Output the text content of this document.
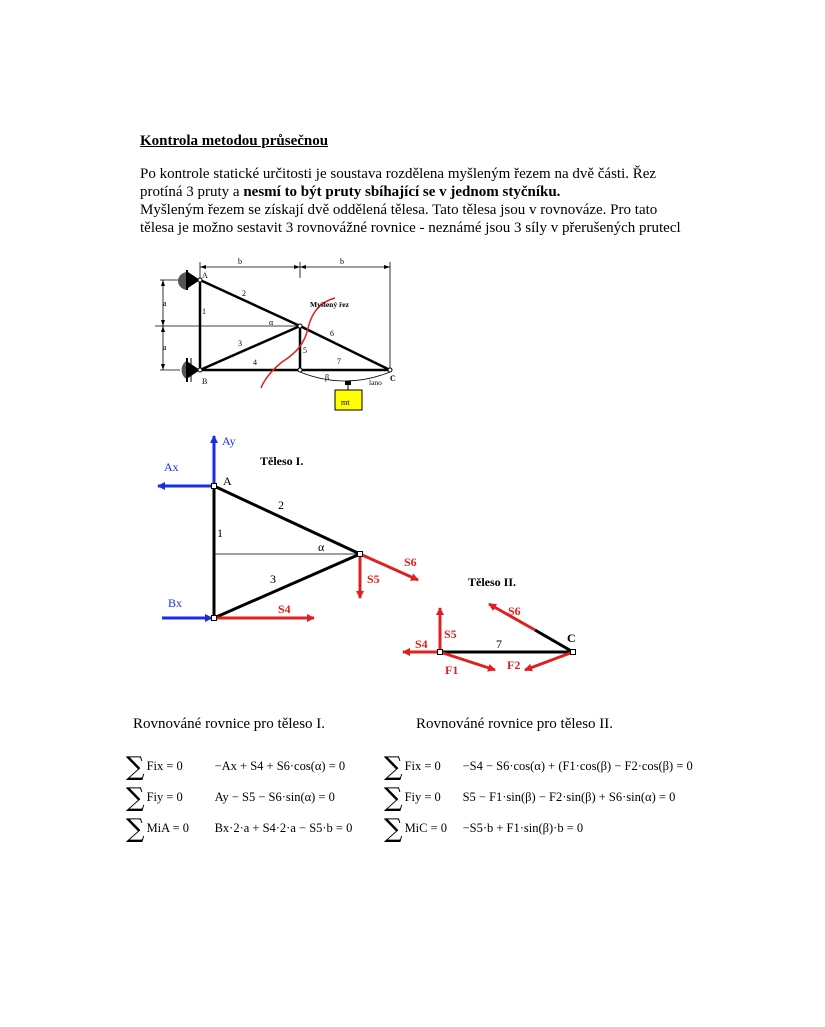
Kontrola metodou průsečnou
Po kontrole statické určitosti je soustava rozdělena myšleným řezem na dvě části. Řez
protíná 3 pruty a nesmí to být pruty sbíhající se v jednom styčníku.
Myšleným řezem se získají dvě oddělená tělesa. Tato tělesa jsou v rovnováze. Pro tato
tělesa je možno sestavit 3 rovnovážné rovnice - neznámé jsou 3 síly v přerušených prutecl
A
B	C
b	b
a
a
1
2
3
4
5
6
7
α
β
Myšlený řez
lano
mt
Těleso I.
Ay
Ax
Bx
A
1
2
3
α
S5
S6
S4
Těleso II.
S4
S5
S6
F1	F2
C
7
Rovnováné rovnice pro těleso I.	Rovnováné rovnice pro těleso II.
∑ Fix = 0	−Ax + S4 + S6·cos(α) = 0
∑ Fiy = 0	Ay − S5 − S6·sin(α) = 0
∑ MiA = 0 Bx·2·a + S4·2·a − S5·b = 0
∑ Fix = 0 −S4 − S6·cos(α) + (F1·cos(β) − F2·cos(β) = 0
∑ Fiy = 0 S5 − F1·sin(β) − F2·sin(β) + S6·sin(α) = 0
∑ MiC = 0 −S5·b + F1·sin(β)·b = 0
